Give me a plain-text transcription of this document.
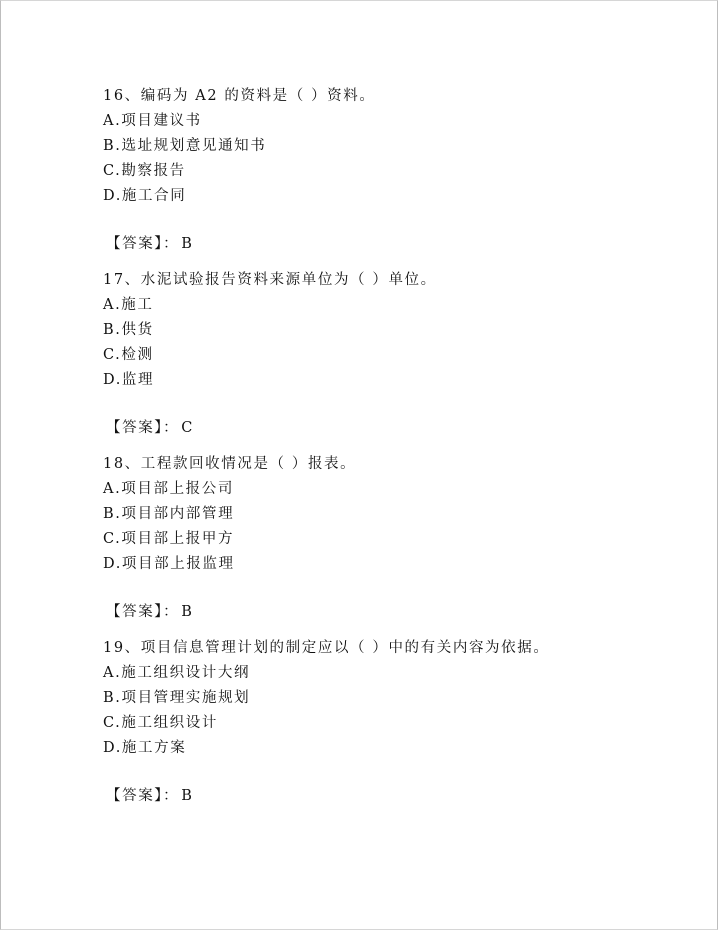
16、编码为 A2 的资料是（ ）资料。
A.项目建议书
B.选址规划意见通知书
C.勘察报告
D.施工合同
【答案】： B
17、水泥试验报告资料来源单位为（ ）单位。
A.施工
B.供货
C.检测
D.监理
【答案】： C
18、工程款回收情况是（ ）报表。
A.项目部上报公司
B.项目部内部管理
C.项目部上报甲方
D.项目部上报监理
【答案】： B
19、项目信息管理计划的制定应以（ ）中的有关内容为依据。
A.施工组织设计大纲
B.项目管理实施规划
C.施工组织设计
D.施工方案
【答案】： B
